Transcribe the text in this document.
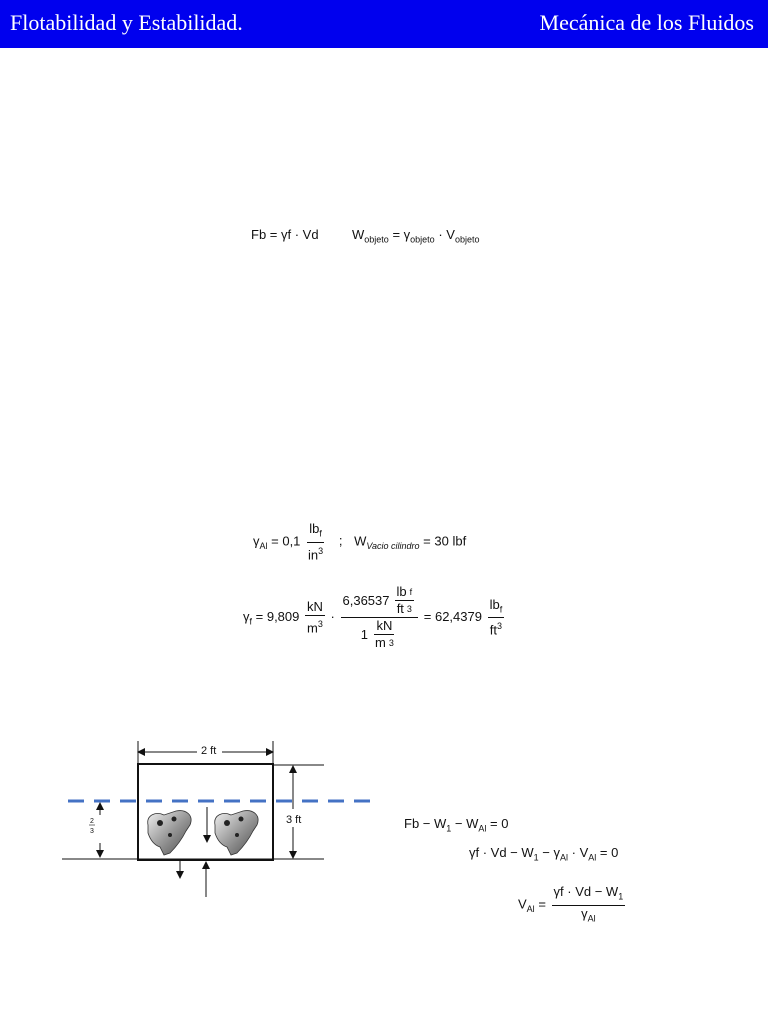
Flotabilidad y Estabilidad.	Mecánica de los Fluidos
Fb = γf · Vd	$W_{objeto} = \gamma_{objeto} \cdot V_{objeto}$
$\gamma_{Al} = 0,1 \frac{lb_f}{in^3}$ ; $W_{Vacio cilindro} = 30$ lbf
$\gamma_f = 9,809 \frac{kN}{m^3} \cdot \frac{6,36537 \frac{\text{lb f}}{ft 3}}{1 \frac{kN}{m 3}} = 62,4379 \frac{lb_f}{ft^3}$
2 ft
3 ft
2
3
$Fb - W_1 - W_{Al} = 0$
$\gamma f \cdot Vd - W_1 - \gamma_{Al} \cdot V_{Al} = 0$
$V_{Al} = \frac{\gamma f \cdot Vd - W_1}{\gamma_{Al}}$
